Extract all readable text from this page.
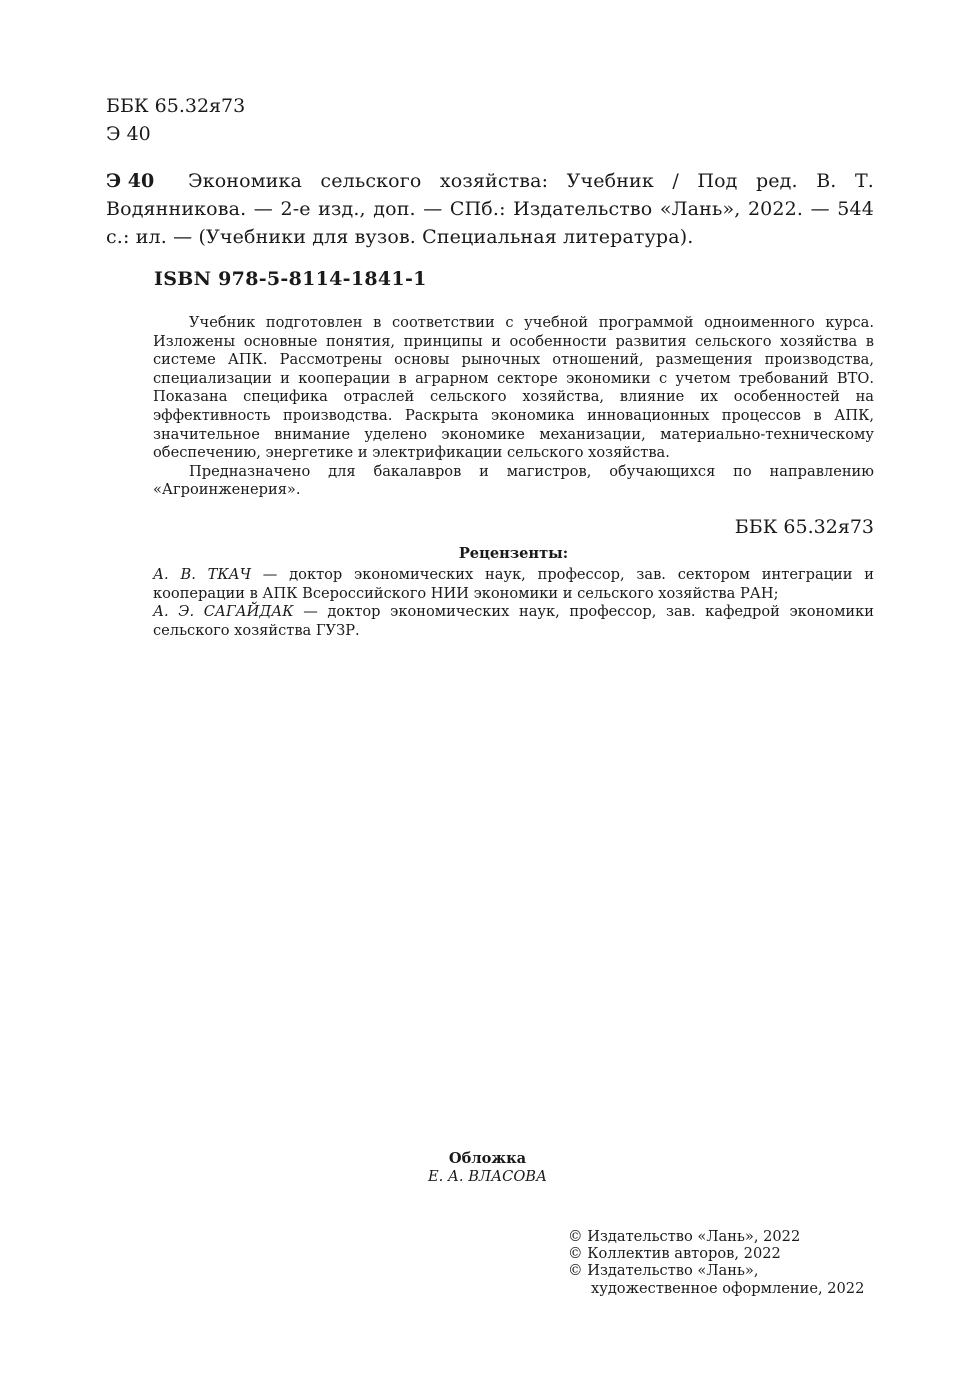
ББК 65.32я73
Э 40
Экономика сельского хозяйства: Учебник / Под ред. В. Т. Водянникова. — 2-е изд., доп. — СПб.: Издательство «Лань», 2022. — 544 с.: ил. — (Учебники для вузов. Специальная литература).
Э 40
ISBN 978-5-8114-1841-1

Учебник подготовлен в соответствии с учебной программой одноименного курса. Изложены основные понятия, принципы и особенности развития сельского хозяйства в системе АПК. Рассмотрены основы рыночных отношений, размещения производства, специализации и кооперации в аграрном секторе экономики с учетом требований ВТО. Показана специфика отраслей сельского хозяйства, влияние их особенностей на эффективность производства. Раскрыта экономика инновационных процессов в АПК, значительное внимание уделено экономике механизации, материально-техническому обеспечению, энергетике и электрификации сельского хозяйства.

Предназначено для бакалавров и магистров, обучающихся по направлению «Агроинженерия».

ББК 65.32я73
Рецензенты:

А. В. ТКАЧ — доктор экономических наук, профессор, зав. сектором интеграции и кооперации в АПК Всероссийского НИИ экономики и сельского хозяйства РАН;

А. Э. САГАЙДАК — доктор экономических наук, профессор, зав. кафедрой экономики сельского хозяйства ГУЗР.

Обложка
Е. А. ВЛАСОВА
© Издательство «Лань», 2022
© Коллектив авторов, 2022
© Издательство «Лань»,
художественное оформление, 2022
